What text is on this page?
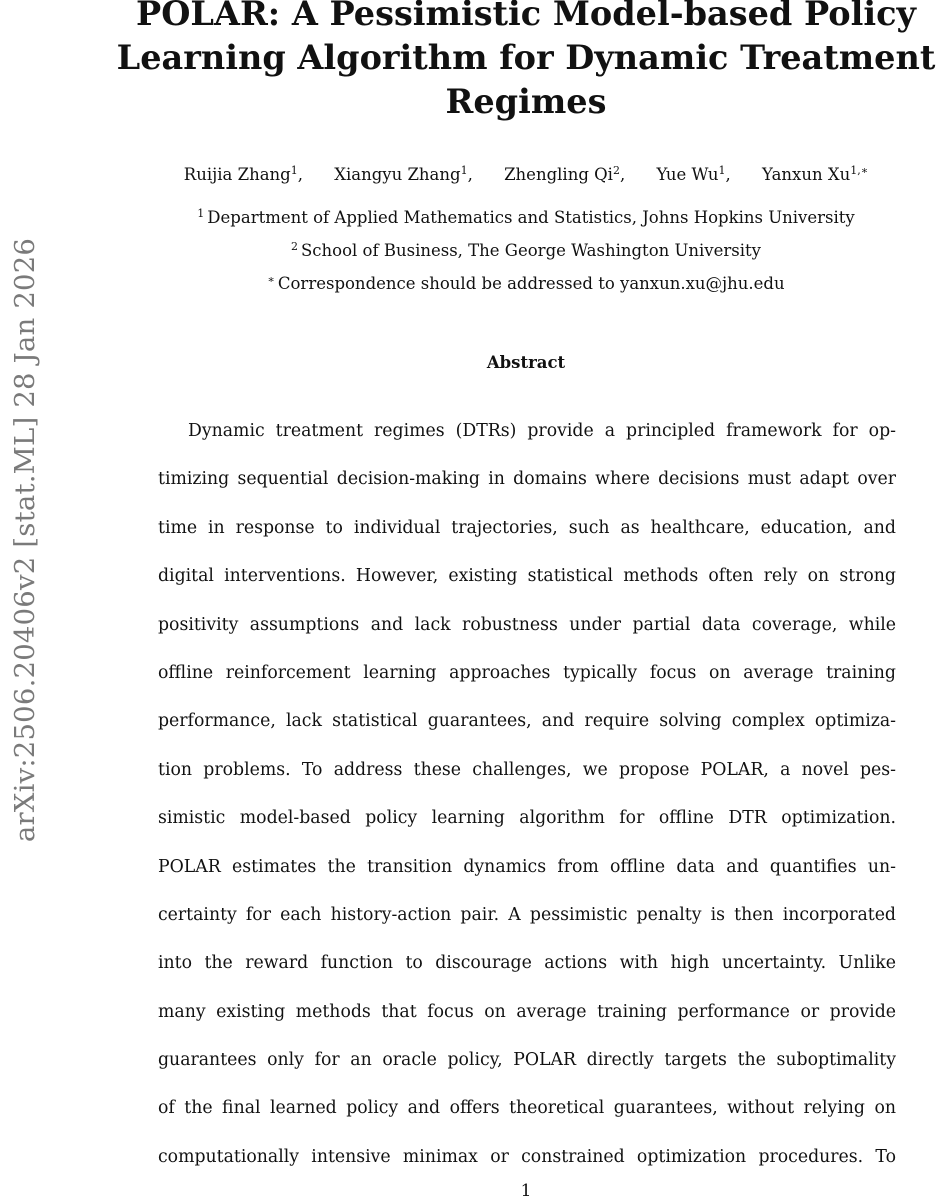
arXiv:2506.20406v2 [stat.ML] 28 Jan 2026
POLAR: A Pessimistic Model-based Policy Learning Algorithm for Dynamic Treatment Regimes
Ruijia Zhang$^1$, Xiangyu Zhang$^1$, Zhengling Qi$^2$, Yue Wu$^1$, Yanxun $Xu^{1,∗}$
$^1$ Department of Applied Mathematics and Statistics, Johns Hopkins University
$^2$ School of Business, The George Washington University
∗ Correspondence should be addressed to yanxun.xu@jhu.edu
Abstract

Dynamic treatment regimes (DTRs) provide a principled framework for op-
timizing sequential decision-making in domains where decisions must adapt over
time in response to individual trajectories, such as healthcare, education, and
digital interventions. However, existing statistical methods often rely on strong
positivity assumptions and lack robustness under partial data coverage, while
offline reinforcement learning approaches typically focus on average training
performance, lack statistical guarantees, and require solving complex optimiza-
tion problems. To address these challenges, we propose POLAR, a novel pes-
simistic model-based policy learning algorithm for offline DTR optimization.
POLAR estimates the transition dynamics from offline data and quantifies un-
certainty for each history-action pair. A pessimistic penalty is then incorporated
into the reward function to discourage actions with high uncertainty. Unlike
many existing methods that focus on average training performance or provide
guarantees only for an oracle policy, POLAR directly targets the suboptimality
of the final learned policy and offers theoretical guarantees, without relying on
computationally intensive minimax or constrained optimization procedures. To

1
